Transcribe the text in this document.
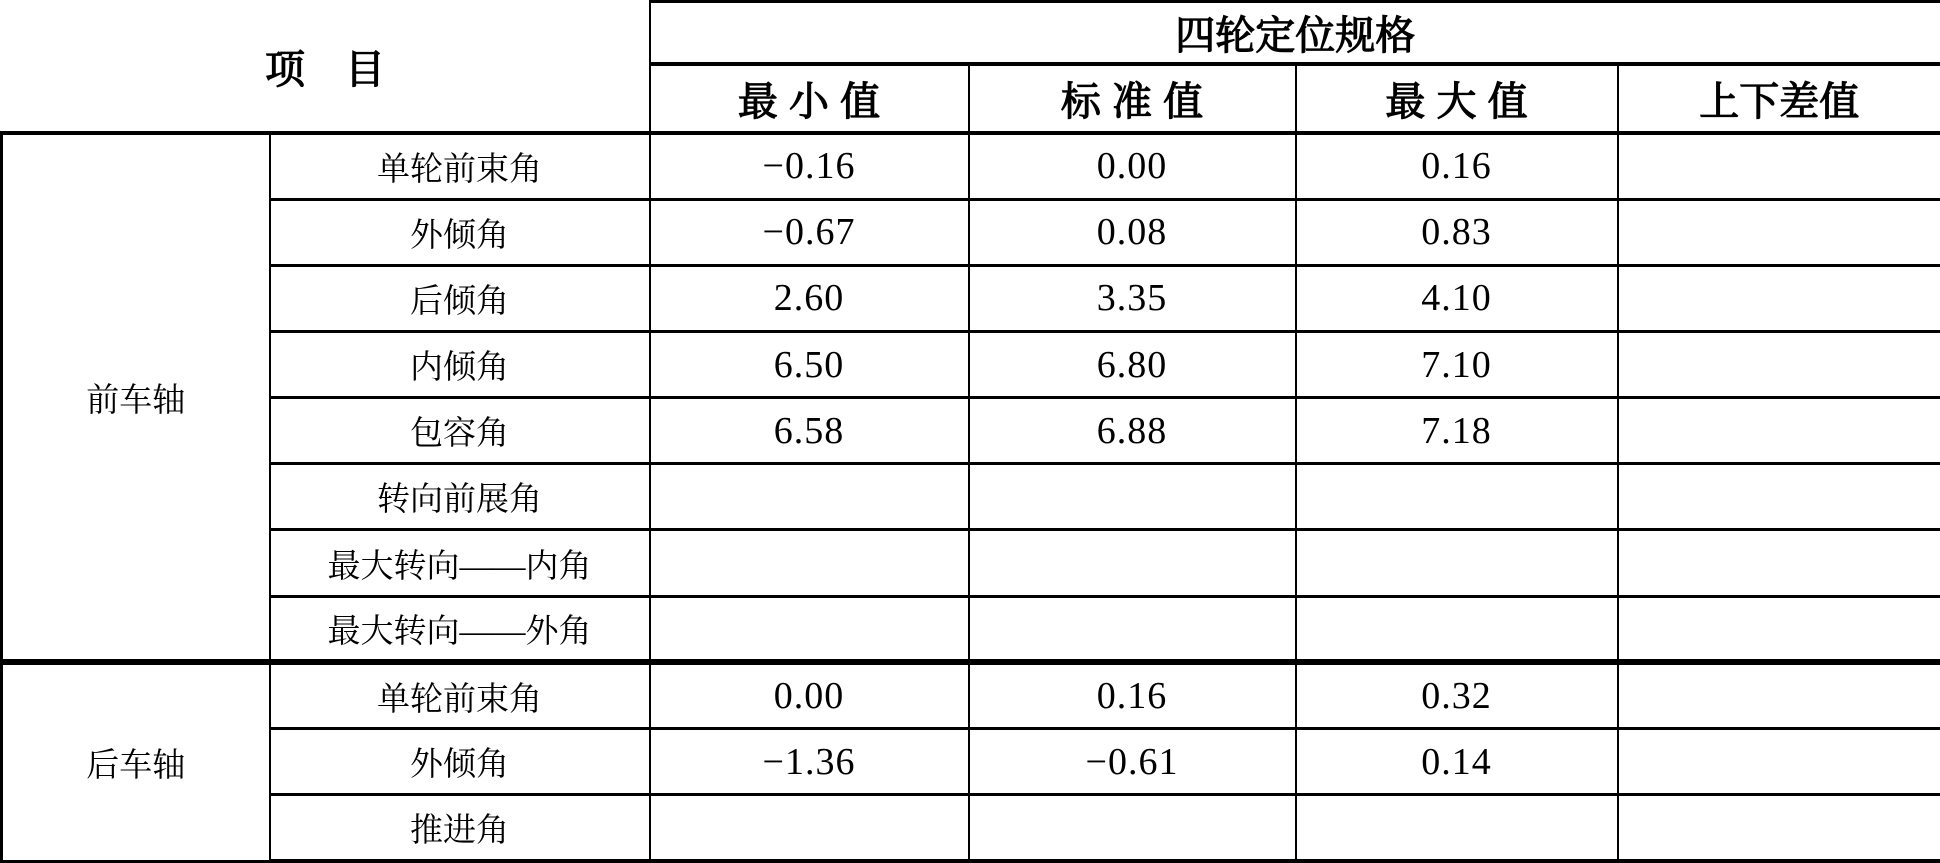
项　目		四轮定位规格			
		最 小 值	标 准 值	最 大 值	上下差值
前车轴	单轮前束角	−0.16	0.00	0.16	
	外倾角	−0.67	0.08	0.83	
	后倾角	2.60	3.35	4.10	
	内倾角	6.50	6.80	7.10	
	包容角	6.58	6.88	7.18	
	转向前展角				
	最大转向——内角				
	最大转向——外角				
后车轴	单轮前束角	0.00	0.16	0.32	
	外倾角	−1.36	−0.61	0.14	
	推进角				
